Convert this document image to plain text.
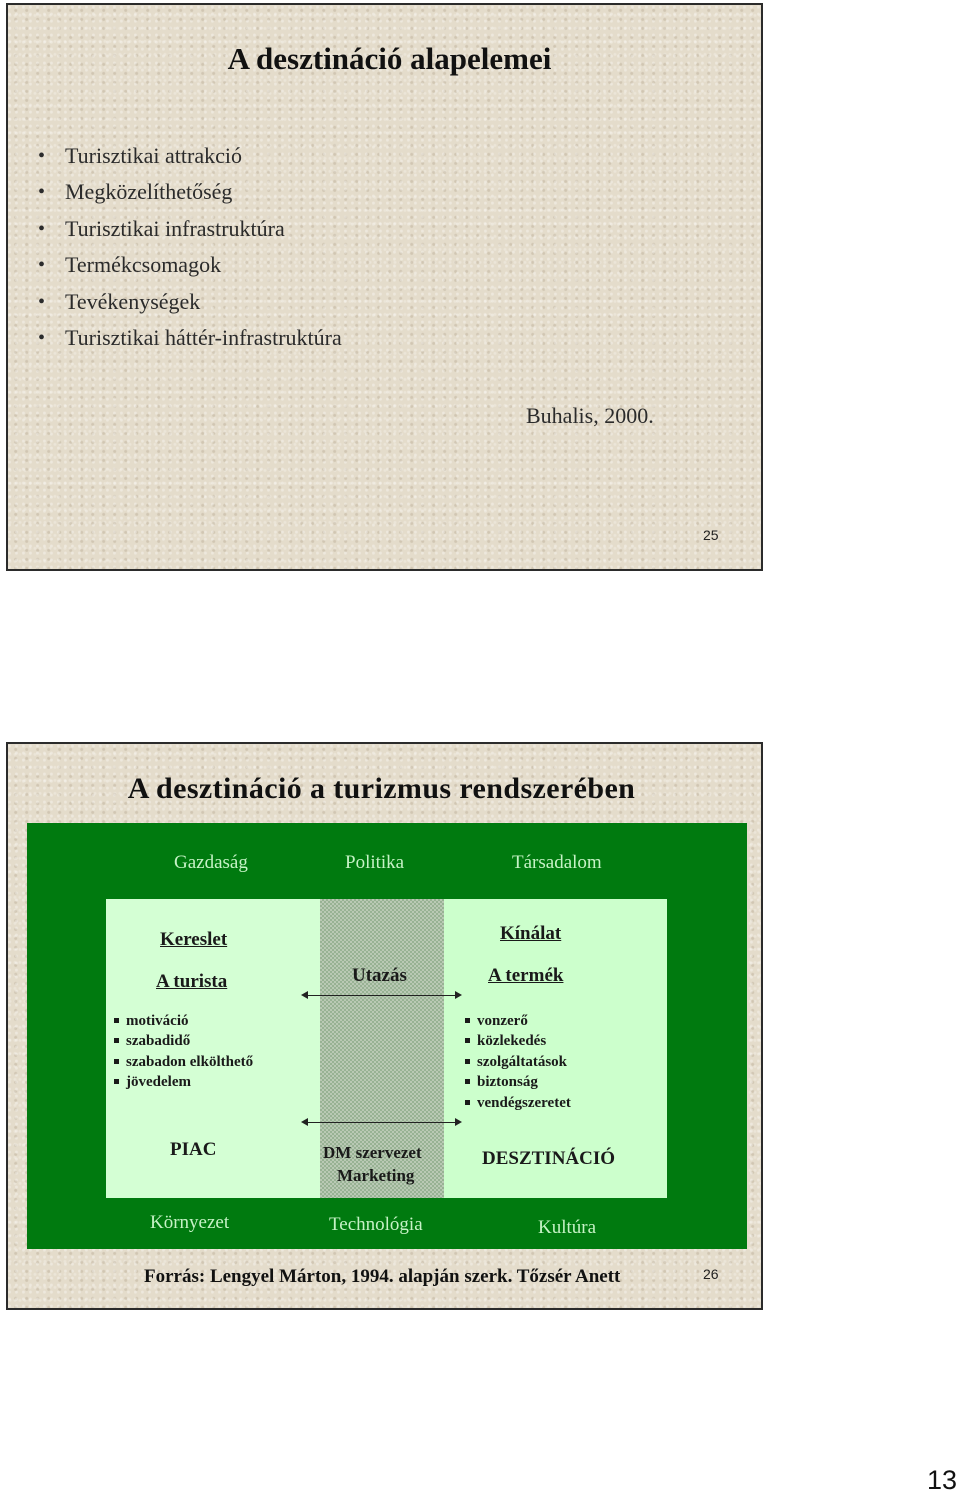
A desztináció alapelemei
• Turisztikai attrakció
• Megközelíthetőség
• Turisztikai infrastruktúra
• Termékcsomagok
• Tevékenységek
• Turisztikai háttér-infrastruktúra
Buhalis, 2000.
25
A desztináció a turizmus rendszerében
Gazdaság	Politika	Társadalom
Kereslet
A turista
motiváció
szabadidő
szabadon elkölthető
jövedelem
PIAC
Utazás
DM szervezet
Marketing
Kínálat
A termék
vonzerő
közlekedés
szolgáltatások
biztonság
vendégszeretet
DESZTINÁCIÓ
Környezet	Technológia	Kultúra
Forrás: Lengyel Márton, 1994. alapján szerk. Tőzsér Anett	26
13
